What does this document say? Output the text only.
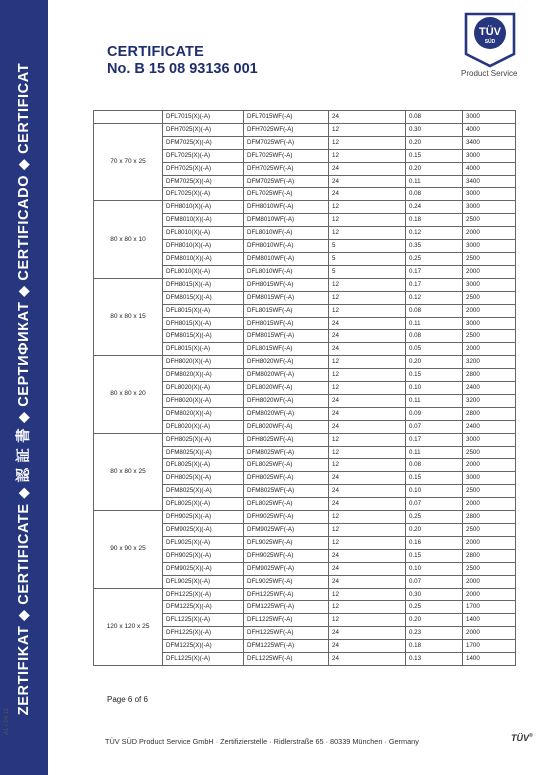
ZERTIFIKAT ◆ CERTIFICATE ◆ 認 証 書 ◆ СЕРТИФИКАТ ◆ CERTIFICADO ◆ CERTIFICAT
A1 / 04.11
CERTIFICATE
No. B 15 08 93136 001
TÜV
SÜD
Product Service
	DFL7015(X)(-A)	DFL7015WF(-A)	24	0.08	3000
70 x 70 x 25	DFH7025(X)(-A)	DFH7025WF(-A)	12	0.30	4000
	DFM7025(X)(-A)	DFM7025WF(-A)	12	0.20	3400
	DFL7025(X)(-A)	DFL7025WF(-A)	12	0.15	3000
	DFH7025(X)(-A)	DFH7025WF(-A)	24	0.20	4000
	DFM7025(X)(-A)	DFM7025WF(-A)	24	0.11	3400
	DFL7025(X)(-A)	DFL7025WF(-A)	24	0.08	3000
80 x 80 x 10	DFH8010(X)(-A)	DFH8010WF(-A)	12	0.24	3000
	DFM8010(X)(-A)	DFM8010WF(-A)	12	0.18	2500
	DFL8010(X)(-A)	DFL8010WF(-A)	12	0.12	2000
	DFH8010(X)(-A)	DFH8010WF(-A)	5	0.35	3000
	DFM8010(X)(-A)	DFM8010WF(-A)	5	0.25	2500
	DFL8010(X)(-A)	DFL8010WF(-A)	5	0.17	2000
80 x 80 x 15	DFH8015(X)(-A)	DFH8015WF(-A)	12	0.17	3000
	DFM8015(X)(-A)	DFM8015WF(-A)	12	0.12	2500
	DFL8015(X)(-A)	DFL8015WF(-A)	12	0.08	2000
	DFH8015(X)(-A)	DFH8015WF(-A)	24	0.11	3000
	DFM8015(X)(-A)	DFM8015WF(-A)	24	0.08	2500
	DFL8015(X)(-A)	DFL8015WF(-A)	24	0.05	2000
80 x 80 x 20	DFH8020(X)(-A)	DFH8020WF(-A)	12	0.20	3200
	DFM8020(X)(-A)	DFM8020WF(-A)	12	0.15	2800
	DFL8020(X)(-A)	DFL8020WF(-A)	12	0.10	2400
	DFH8020(X)(-A)	DFH8020WF(-A)	24	0.11	3200
	DFM8020(X)(-A)	DFM8020WF(-A)	24	0.09	2800
	DFL8020(X)(-A)	DFL8020WF(-A)	24	0.07	2400
80 x 80 x 25	DFH8025(X)(-A)	DFH8025WF(-A)	12	0.17	3000
	DFM8025(X)(-A)	DFM8025WF(-A)	12	0.11	2500
	DFL8025(X)(-A)	DFL8025WF(-A)	12	0.08	2000
	DFH8025(X)(-A)	DFH8025WF(-A)	24	0.15	3000
	DFM8025(X)(-A)	DFM8025WF(-A)	24	0.10	2500
	DFL8025(X)(-A)	DFL8025WF(-A)	24	0.07	2000
90 x 90 x 25	DFH9025(X)(-A)	DFH9025WF(-A)	12	0.25	2800
	DFM9025(X)(-A)	DFM9025WF(-A)	12	0.20	2500
	DFL9025(X)(-A)	DFL9025WF(-A)	12	0.16	2000
	DFH9025(X)(-A)	DFH9025WF(-A)	24	0.15	2800
	DFM9025(X)(-A)	DFM9025WF(-A)	24	0.10	2500
	DFL9025(X)(-A)	DFL9025WF(-A)	24	0.07	2000
120 x 120 x 25	DFH1225(X)(-A)	DFH1225WF(-A)	12	0.30	2000
	DFM1225(X)(-A)	DFM1225WF(-A)	12	0.25	1700
	DFL1225(X)(-A)	DFL1225WF(-A)	12	0.20	1400
	DFH1225(X)(-A)	DFH1225WF(-A)	24	0.23	2000
	DFM1225(X)(-A)	DFM1225WF(-A)	24	0.18	1700
	DFL1225(X)(-A)	DFL1225WF(-A)	24	0.13	1400
Page 6 of 6
TÜV SÜD Product Service GmbH · Zertifizierstelle · Ridlerstraße 65 · 80339 München · Germany	TÜV®
